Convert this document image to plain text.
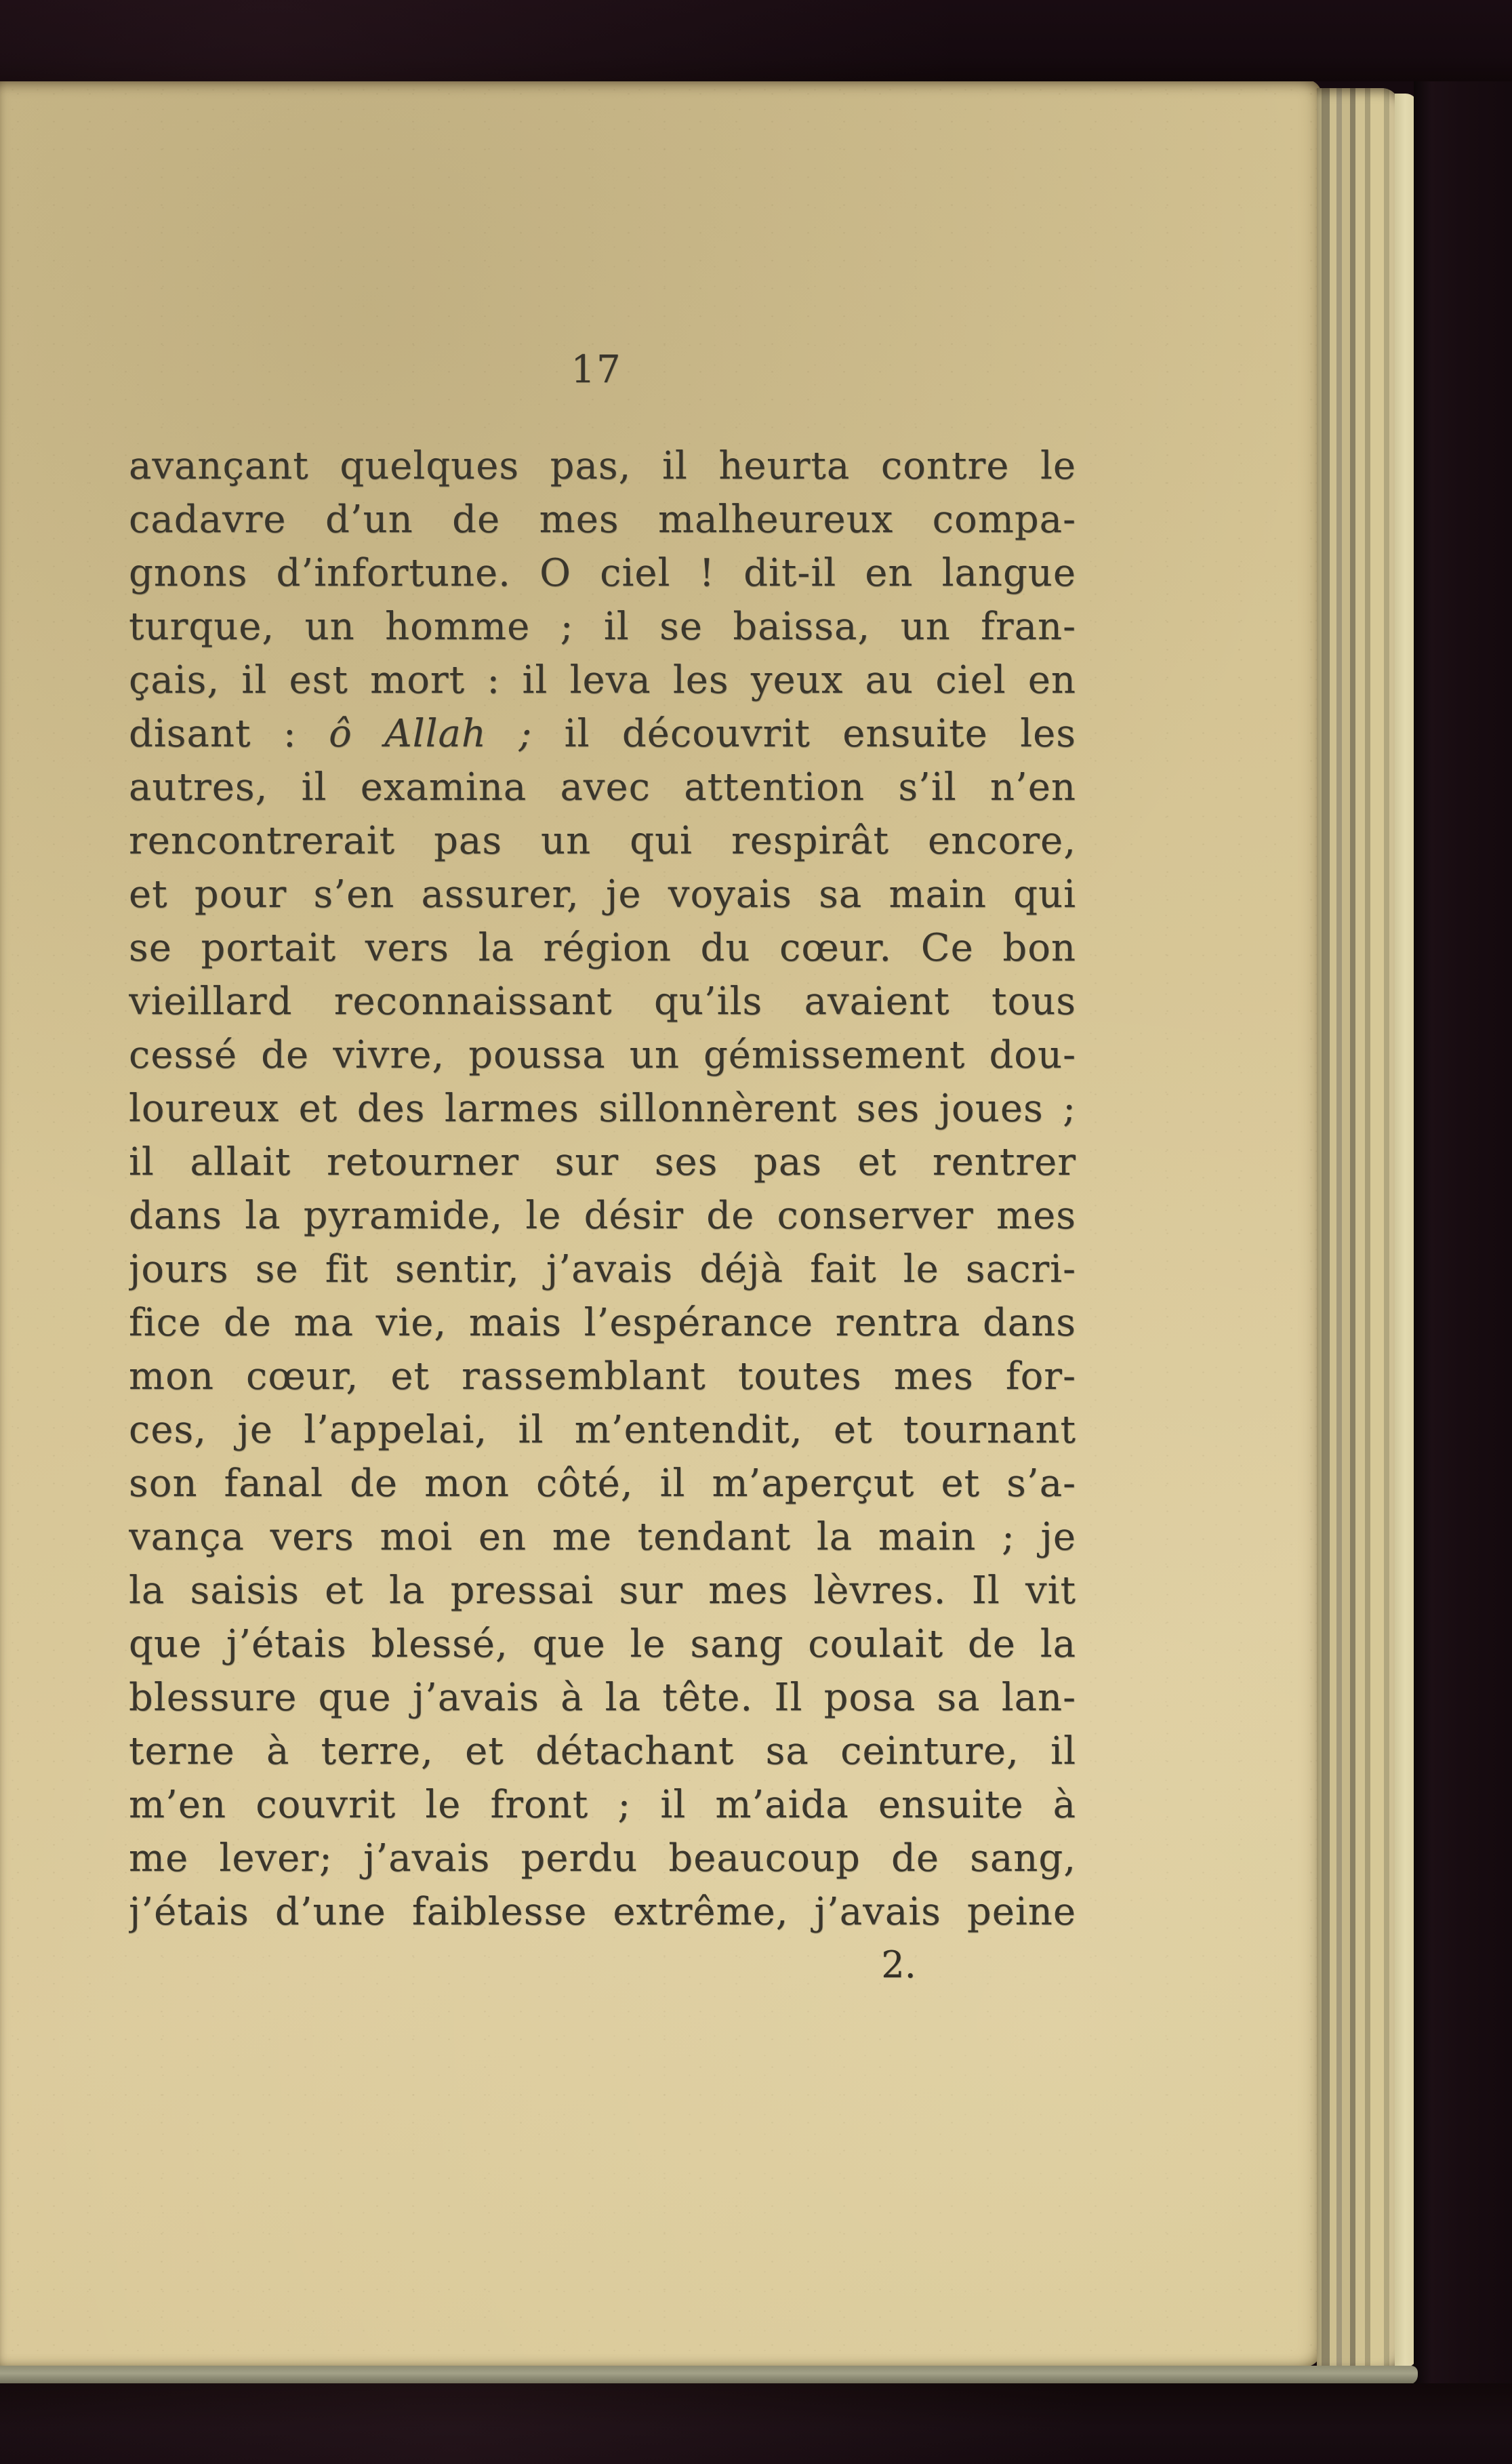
17
avançant quelques pas, il heurta contre le
cadavre d’un de mes malheureux compa-
gnons d’infortune. O ciel ! dit-il en langue
turque, un homme ; il se baissa, un fran-
çais, il est mort : il leva les yeux au ciel en
disant : ô Allah ; il découvrit ensuite les
autres, il examina avec attention s’il n’en
rencontrerait pas un qui respirât encore,
et pour s’en assurer, je voyais sa main qui
se portait vers la région du cœur. Ce bon
vieillard reconnaissant qu’ils avaient tous
cessé de vivre, poussa un gémissement dou-
loureux et des larmes sillonnèrent ses joues ;
il allait retourner sur ses pas et rentrer
dans la pyramide, le désir de conserver mes
jours se fit sentir, j’avais déjà fait le sacri-
fice de ma vie, mais l’espérance rentra dans
mon cœur, et rassemblant toutes mes for-
ces, je l’appelai, il m’entendit, et tournant
son fanal de mon côté, il m’aperçut et s’a-
vança vers moi en me tendant la main ; je
la saisis et la pressai sur mes lèvres. Il vit
que j’étais blessé, que le sang coulait de la
blessure que j’avais à la tête. Il posa sa lan-
terne à terre, et détachant sa ceinture, il
m’en couvrit le front ; il m’aida ensuite à
me lever; j’avais perdu beaucoup de sang,
j’étais d’une faiblesse extrême, j’avais peine
2.
